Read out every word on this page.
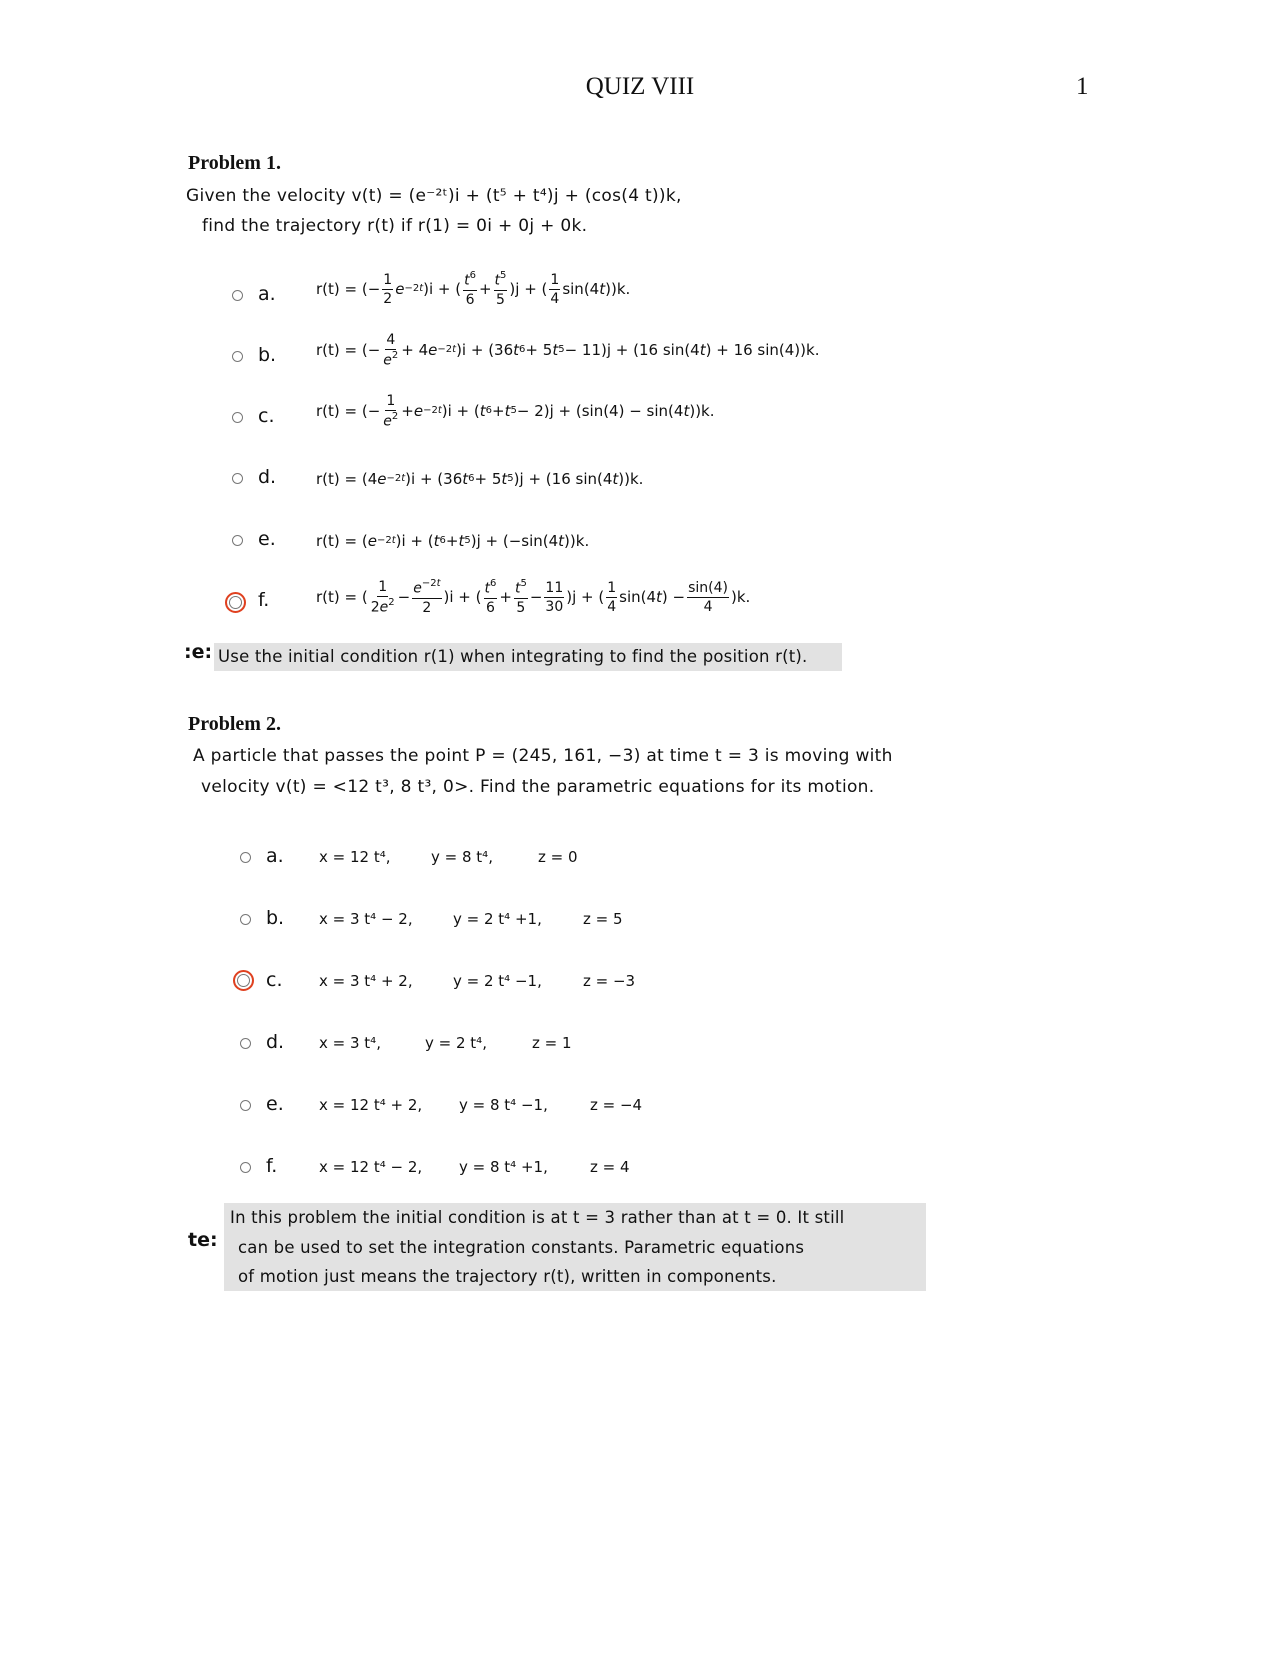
QUIZ VIII	1
Problem 1.
Given the velocity v(t) = (e⁻²ᵗ)i + (t⁵ + t⁴)j + (cos(4 t))k,
find the trajectory r(t) if r(1) = 0i + 0j + 0k.
a.	r(t) = (− $\frac{1}{2} e^{-2t}$ )i + ( $\frac{t^6}{6} + \frac{t^5}{5} )j$ + ( $\frac{1}{4} \sin(4$ t ))k.
b.	r(t) = (− $\frac{4}{e^2} + 4$ $e^{-2t}$ )i + (36 $t^6 + 5$ $t^5 - 11)j + (16$ sin(4 t ) + 16 sin(4))k.
c.	r(t) = (− $\frac{1}{e^2} + e^{-2t}$ )i + ( $t^6 + t^5 - 2)j + (\sin(4) - \sin(4$ t ))k.
d.	r(t) = (4 $e^{-2t}$ )i + (36 $t^6 + 5$ $t^5$ )j + (16 sin(4 t ))k.
e.	r(t) = ( $e^{-2t}$ )i + ( $t^6 + t^5$ )j + (−sin(4 t ))k.
f.	r(t) = ( $\frac{1}{2e^2} - \frac{e^{-2t}}{2} )i$ + ( $\frac{t^6}{6} + \frac{t^5}{5} - \frac{11}{30} )j$ + ( $\frac{1}{4} \sin(4$ t ) − $\frac{\sin(4)}{4} )k$.
:e: Use the initial condition r(1) when integrating to find the position r(t).
Problem 2.
A particle that passes the point P = (245, 161, −3) at time t = 3 is moving with
velocity v(t) = <12 t³, 8 t³, 0>. Find the parametric equations for its motion.
a. x = 12 t⁴,	y = 8 t⁴,	z = 0
b. x = 3 t⁴ − 2,	y = 2 t⁴ +1,	z = 5
c. x = 3 t⁴ + 2,	y = 2 t⁴ −1,	z = −3
d. x = 3 t⁴,	y = 2 t⁴,	z = 1
e. x = 12 t⁴ + 2, y = 8 t⁴ −1,	z = −4
f.	x = 12 t⁴ − 2, y = 8 t⁴ +1,	z = 4
te:
In this problem the initial condition is at t = 3 rather than at t = 0. It still
can be used to set the integration constants. Parametric equations
of motion just means the trajectory r(t), written in components.
